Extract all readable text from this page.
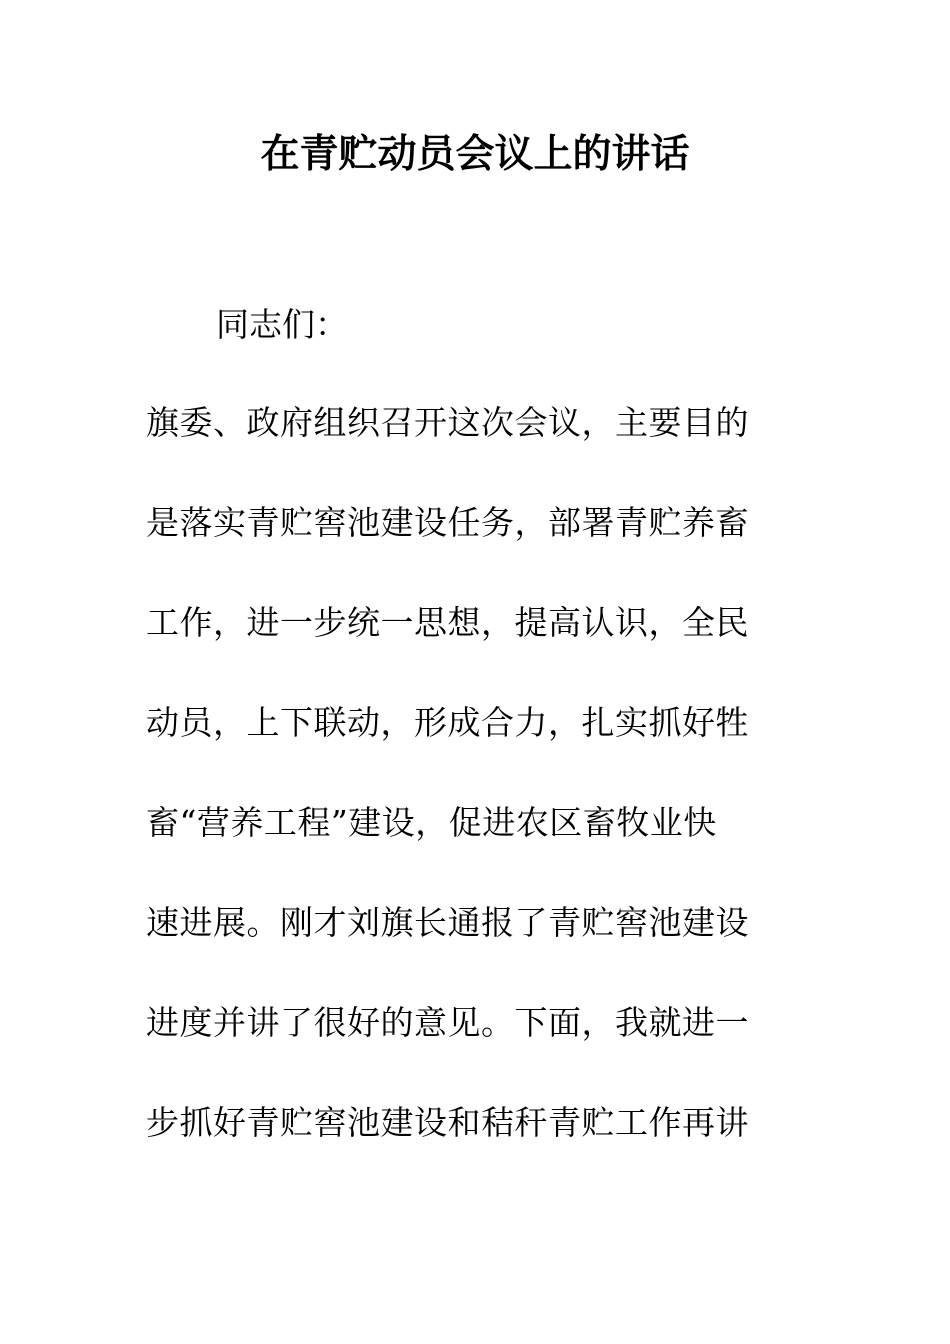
在青贮动员会议上的讲话
同志们：
旗委、政府组织召开这次会议，主要目的
是落实青贮窖池建设任务，部署青贮养畜
工作，进一步统一思想，提高认识，全民
动员，上下联动，形成合力，扎实抓好牲
畜“营养工程”建设，促进农区畜牧业快
速进展。刚才刘旗长通报了青贮窖池建设
进度并讲了很好的意见。下面，我就进一
步抓好青贮窖池建设和秸秆青贮工作再讲
